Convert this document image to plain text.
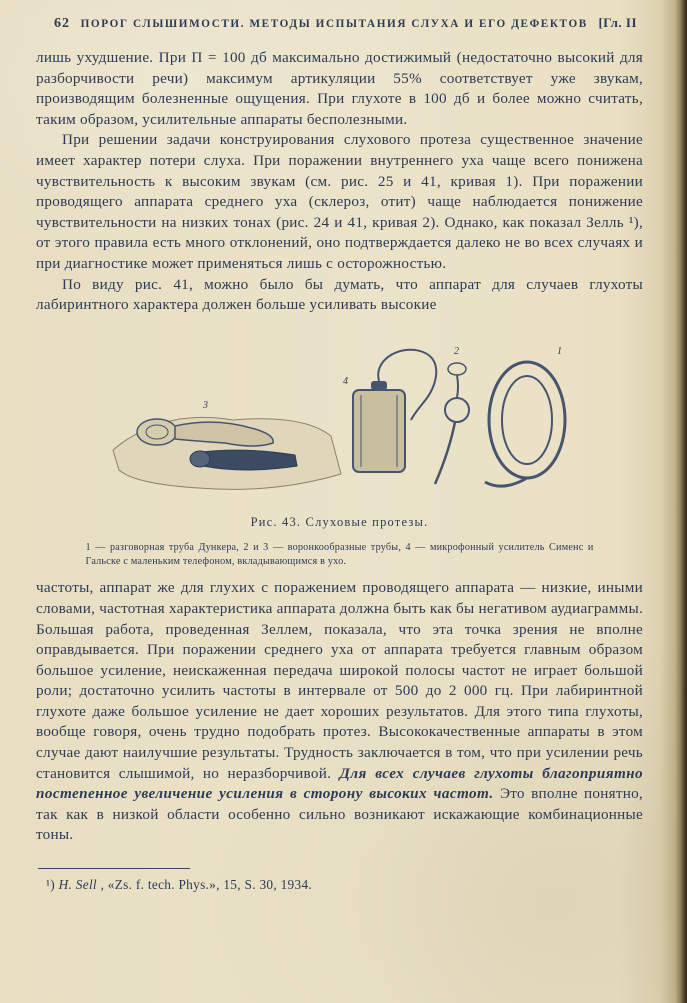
62 ПОРОГ СЛЫШИМОСТИ. МЕТОДЫ ИСПЫТАНИЯ СЛУХА И ЕГО ДЕФЕКТОВ [Гл. II

лишь ухудшение. При П = 100 дб максимально достижимый (недостаточно высокий для разборчивости речи) максимум артикуляции 55% соответствует уже звукам, производящим болезненные ощущения. При глухоте в 100 дб и более можно считать, таким образом, усилительные аппараты бесполезными.

При решении задачи конструирования слухового протеза существенное значение имеет характер потери слуха. При поражении внутреннего уха чаще всего понижена чувствительность к высоким звукам (см. рис. 25 и 41, кривая 1). При поражении проводящего аппарата среднего уха (склероз, отит) чаще наблюдается понижение чувствительности на низких тонах (рис. 24 и 41, кривая 2). Однако, как показал Зелль ¹), от этого правила есть много отклонений, оно подтверждается далеко не во всех случаях и при диагностике может применяться лишь с осторожностью.

По виду рис. 41, можно было бы думать, что аппарат для случаев глухоты лабиринтного характера должен больше усиливать высокие

3
4
2	1
Рис. 43. Слуховые протезы.
1 — разговорная труба Дункера, 2 и 3 — воронкообразные трубы, 4 — микрофонный усилитель Сименс и Гальске с маленьким телефоном, вкладывающимся в ухо.

частоты, аппарат же для глухих с поражением проводящего аппарата — низкие, иными словами, частотная характеристика аппарата должна быть как бы негативом аудиаграммы. Большая работа, проведенная Зеллем, показала, что эта точка зрения не вполне оправдывается. При поражении среднего уха от аппарата требуется главным образом большое усиление, неискаженная передача широкой полосы частот не играет большой роли; достаточно усилить частоты в интервале от 500 до 2 000 гц. При лабиринтной глухоте даже большое усиление не дает хороших результатов. Для этого типа глухоты, вообще говоря, очень трудно подобрать протез. Высококачественные аппараты в этом случае дают наилучшие результаты. Трудность заключается в том, что при усилении речь становится слышимой, но неразборчивой. Для всех случаев глухоты благоприятно постепенное увеличение усиления в сторону высоких частот. Это вполне понятно, так как в низкой области особенно сильно возникают искажающие комбинационные тоны.

¹) H. Sell , «Zs. f. tech. Phys.», 15, S. 30, 1934.
